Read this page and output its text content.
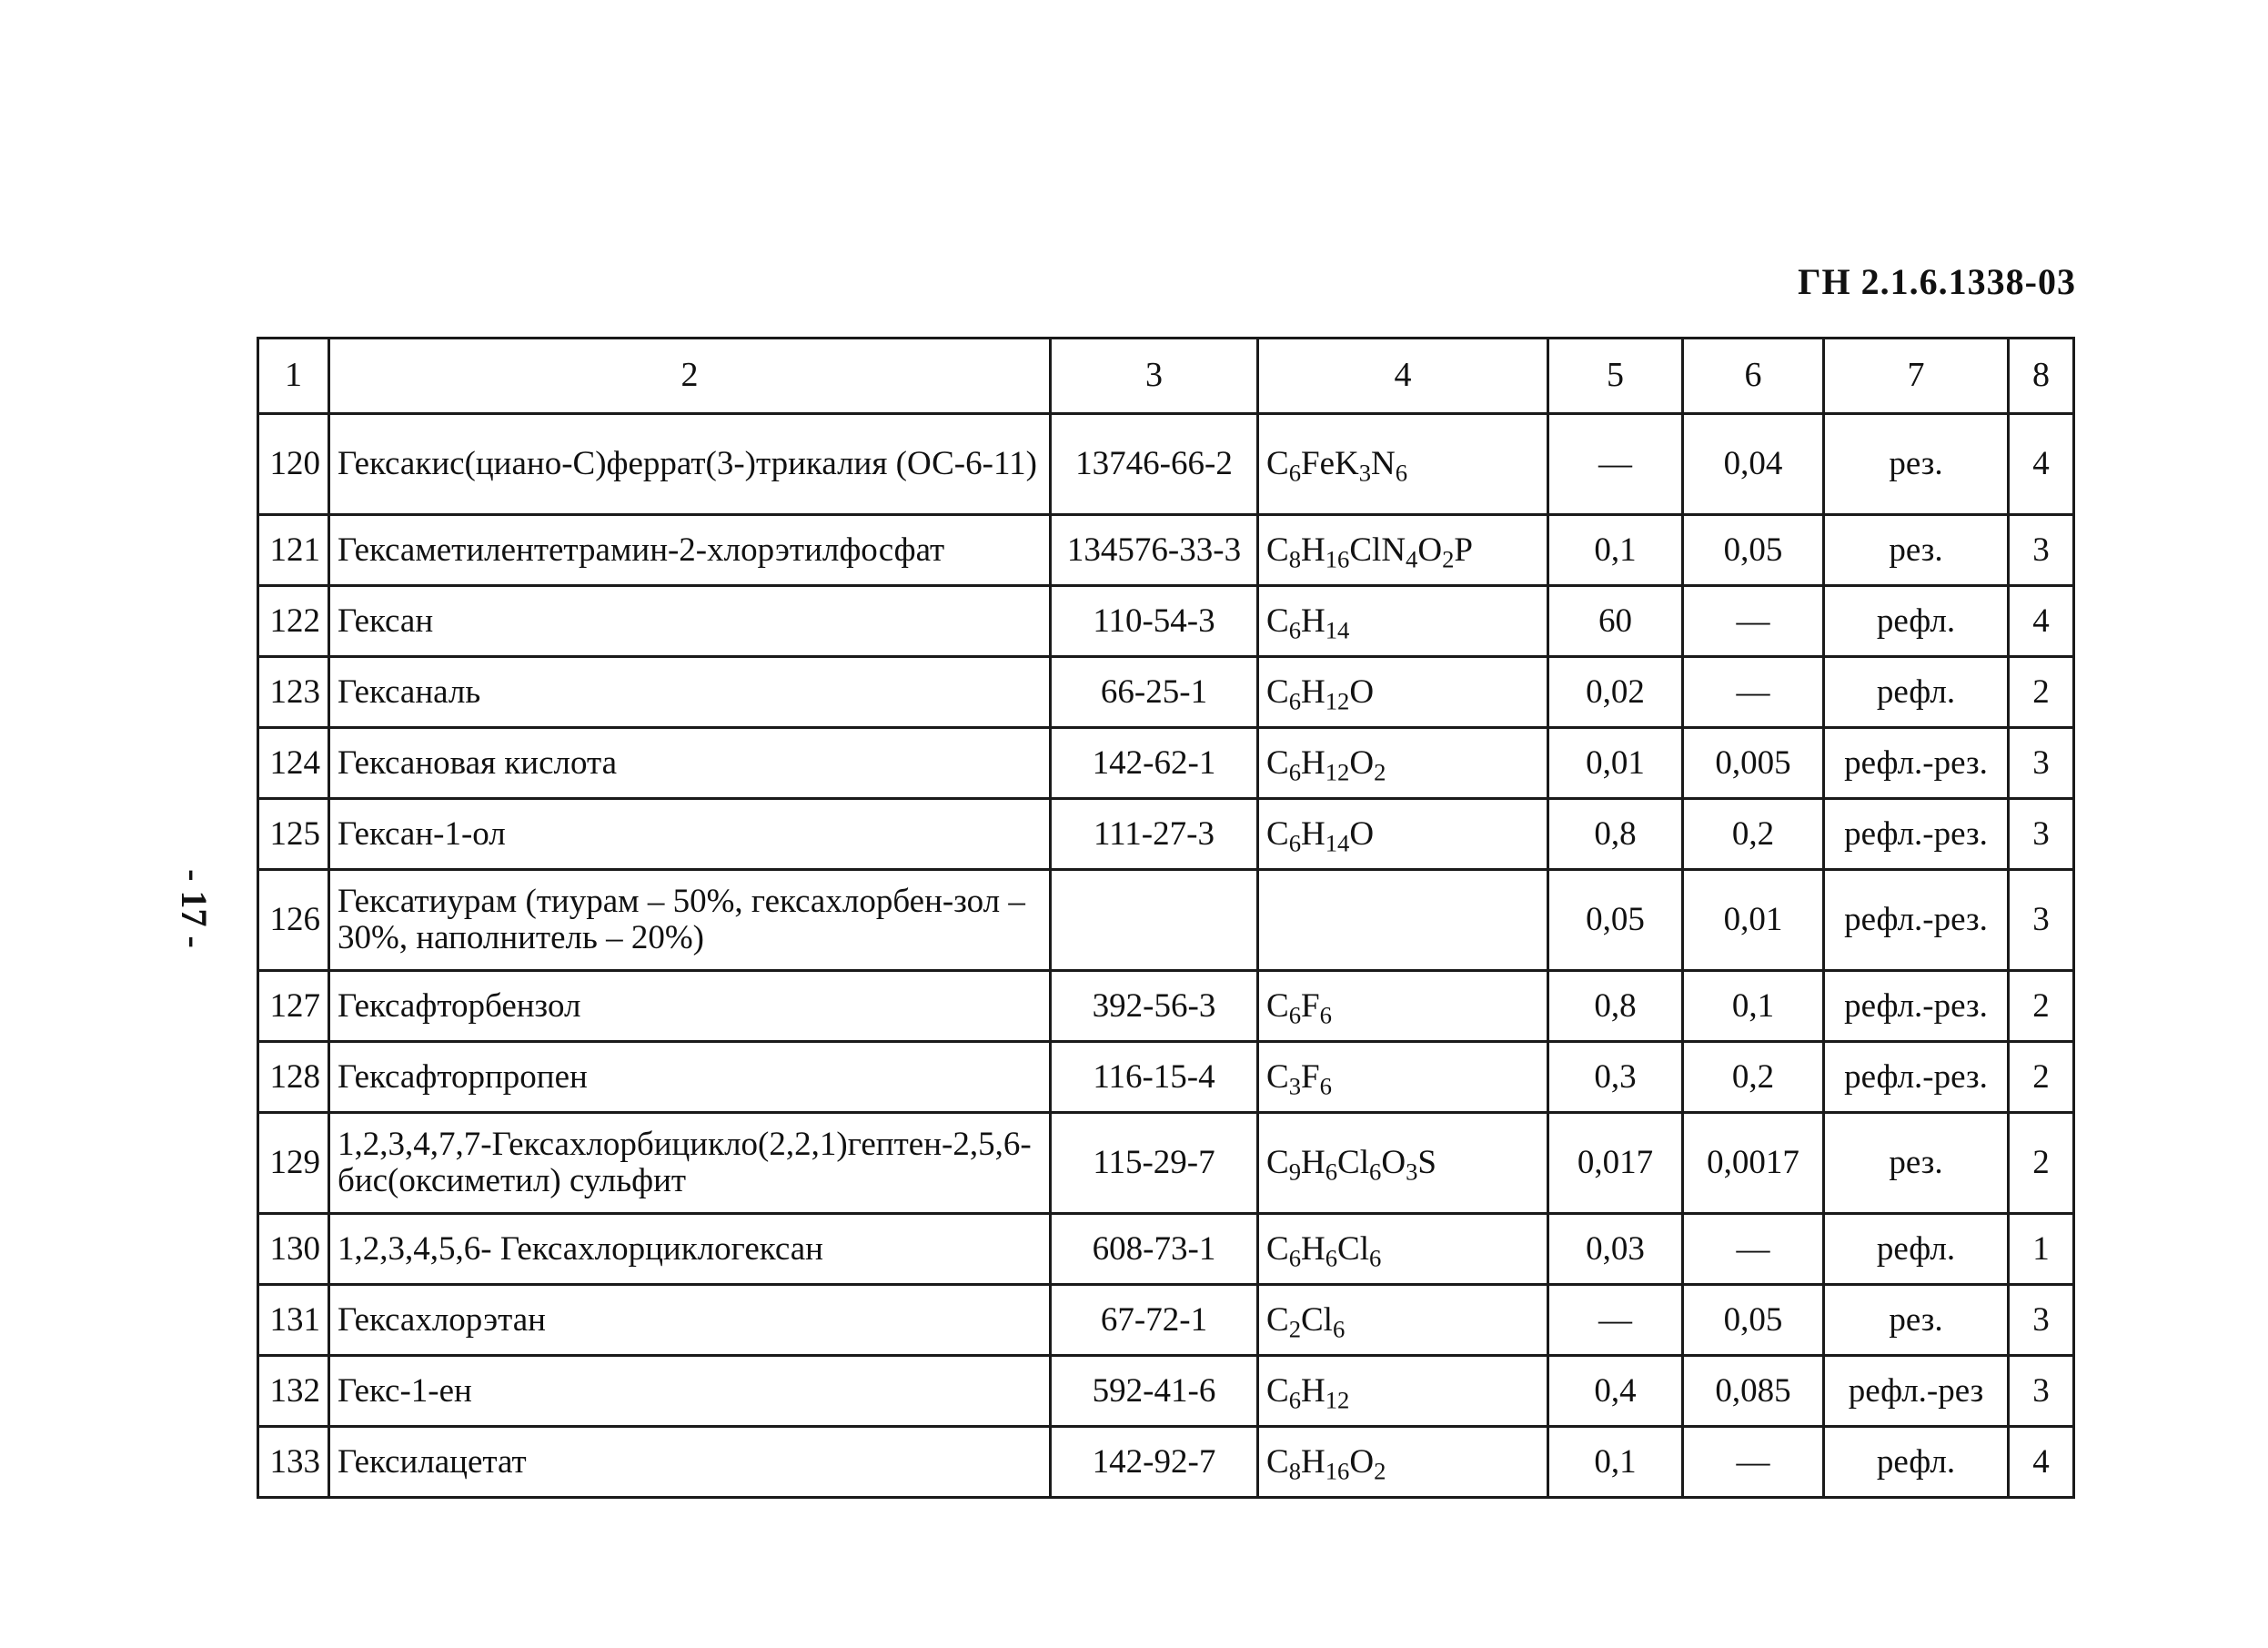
ГН 2.1.6.1338-03
- 17 -
1	2	3	4	5	6	7	8
120	Гексакис(циано-С)феррат(3-)трикалия (ОС-6-11)	13746-66-2	$C_6FeK_3N_6$	—	0,04	рез.	4
121	Гексаметилентетрамин-2-хлорэтилфосфат	134576-33-3	$C_8H_{16}ClN_4O_2P$	0,1	0,05	рез.	3
122	Гексан	110-54-3	$C_6H_{14}$	60	—	рефл.	4
123	Гексаналь	66-25-1	$C_6H_{12}O$	0,02	—	рефл.	2
124	Гексановая кислота	142-62-1	$C_6H_{12}O_2$	0,01	0,005	рефл.-рез.	3
125	Гексан-1-ол	111-27-3	$C_6H_{14}O$	0,8	0,2	рефл.-рез.	3
126	Гексатиурам (тиурам – 50%, гексахлорбен-зол – 30%, наполнитель – 20%)			0,05	0,01	рефл.-рез.	3
127	Гексафторбензол	392-56-3	$C_6F_6$	0,8	0,1	рефл.-рез.	2
128	Гексафторпропен	116-15-4	$C_3F_6$	0,3	0,2	рефл.-рез.	2
129	1,2,3,4,7,7-Гексахлорбицикло(2,2,1)гептен-2,5,6-бис(оксиметил) сульфит	115-29-7	$C_9H_6Cl_6O_3S$	0,017	0,0017	рез.	2
130	1,2,3,4,5,6- Гексахлорциклогексан	608-73-1	$C_6H_6Cl_6$	0,03	—	рефл.	1
131	Гексахлорэтан	67-72-1	$C_2Cl_6$	—	0,05	рез.	3
132	Гекс-1-ен	592-41-6	$C_6H_{12}$	0,4	0,085	рефл.-рез	3
133	Гексилацетат	142-92-7	$C_8H_{16}O_2$	0,1	—	рефл.	4
